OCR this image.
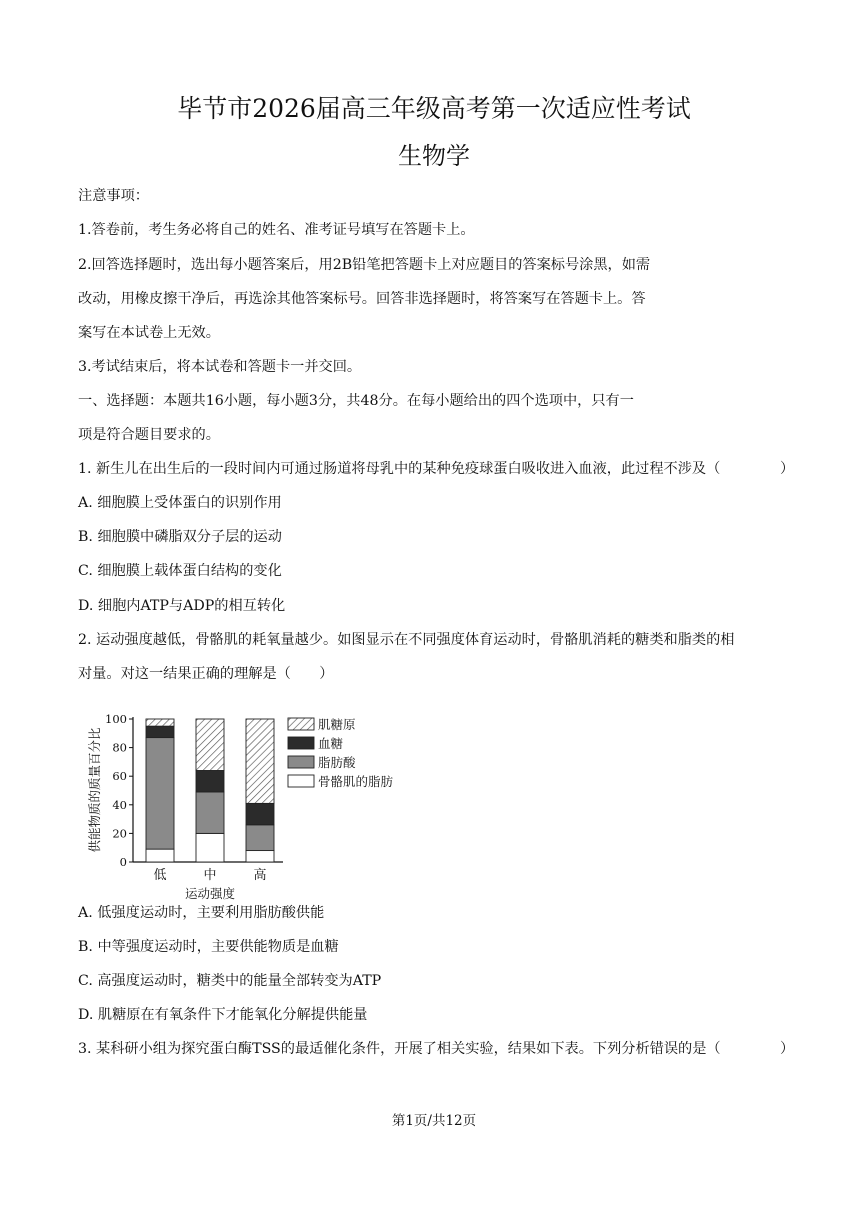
毕节市2026届高三年级高考第一次适应性考试
生物学
注意事项：
1.答卷前，考生务必将自己的姓名、准考证号填写在答题卡上。
2.回答选择题时，选出每小题答案后，用2B铅笔把答题卡上对应题目的答案标号涂黑，如需
改动，用橡皮擦干净后，再选涂其他答案标号。回答非选择题时，将答案写在答题卡上。答
案写在本试卷上无效。
3.考试结束后，将本试卷和答题卡一并交回。
一、选择题：本题共16小题，每小题3分，共48分。在每小题给出的四个选项中，只有一
项是符合题目要求的。
1. 新生儿在出生后的一段时间内可通过肠道将母乳中的某种免疫球蛋白吸收进入血液，此过程不涉及（	）
A. 细胞膜上受体蛋白的识别作用
B. 细胞膜中磷脂双分子层的运动
C. 细胞膜上载体蛋白结构的变化
D. 细胞内ATP与ADP的相互转化
2. 运动强度越低，骨骼肌的耗氧量越少。如图显示在不同强度体育运动时，骨骼肌消耗的糖类和脂类的相
对量。对这一结果正确的理解是（　　）
供能物质的质量百分比
0
20
40
60
80
100
低	中	高
运动强度
肌糖原
血糖
脂肪酸
骨骼肌的脂肪
A. 低强度运动时，主要利用脂肪酸供能
B. 中等强度运动时，主要供能物质是血糖
C. 高强度运动时，糖类中的能量全部转变为ATP
D. 肌糖原在有氧条件下才能氧化分解提供能量
3. 某科研小组为探究蛋白酶TSS的最适催化条件，开展了相关实验，结果如下表。下列分析错误的是（	）
第1页/共12页
